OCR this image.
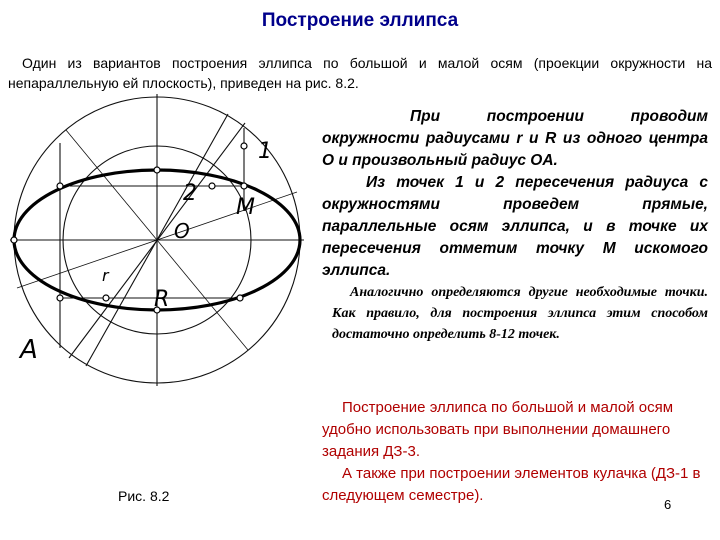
Построение эллипса

Один из вариантов построения эллипса по большой и малой осям (проекции окружности на непараллельную ей плоскость), приведен на рис. 8.2.

1
2
O
M
r
R
A

При построении проводим окружности радиусами r и R из одного центра O и произвольный радиус OA.
Из точек 1 и 2 пересечения радиуса с окружностями проведем прямые, параллельные осям эллипса, и в точке их пересечения отметим точку M искомого эллипса.

Аналогично определяются другие необходимые точки. Как правило, для построения эллипса этим способом достаточно определить 8-12 точек.

Построение эллипса по большой и малой осям удобно использовать при выполнении домашнего задания ДЗ-3.
А также при построении элементов кулачка (ДЗ-1 в следующем семестре).

Рис. 8.2
6
